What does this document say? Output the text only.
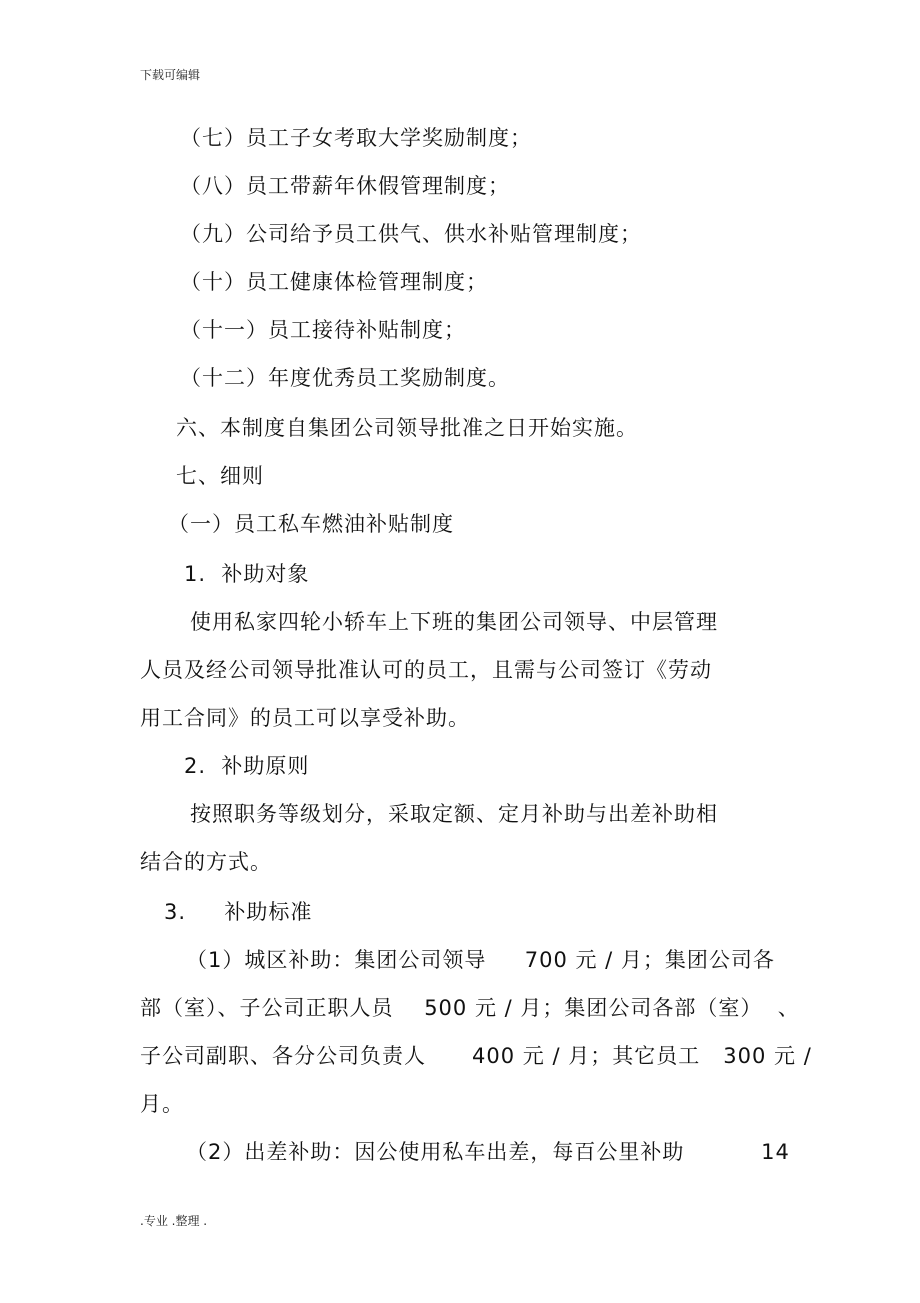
下载可编辑
（七）员工子女考取大学奖励制度；
（八）员工带薪年休假管理制度；
（九）公司给予员工供气、供水补贴管理制度；
（十）员工健康体检管理制度；
（十一）员工接待补贴制度；
（十二）年度优秀员工奖励制度。
六、本制度自集团公司领导批准之日开始实施。
七、细则
（一）员工私车燃油补贴制度
1.  补助对象
使用私家四轮小轿车上下班的集团公司领导、中层管理
人员及经公司领导批准认可的员工，且需与公司签订《劳动
用工合同》的员工可以享受补助。
2.  补助原则
按照职务等级划分，采取定额、定月补助与出差补助相
结合的方式。
3.     补助标准
（1）城区补助：集团公司领导     700 元 / 月；集团公司各
部（室）、子公司正职人员    500 元 / 月；集团公司各部（室）  、
子公司副职、各分公司负责人      400 元 / 月；其它员工   300 元 /
月。
（2）出差补助：因公使用私车出差，每百公里补助          14
.专业 .整理 .
